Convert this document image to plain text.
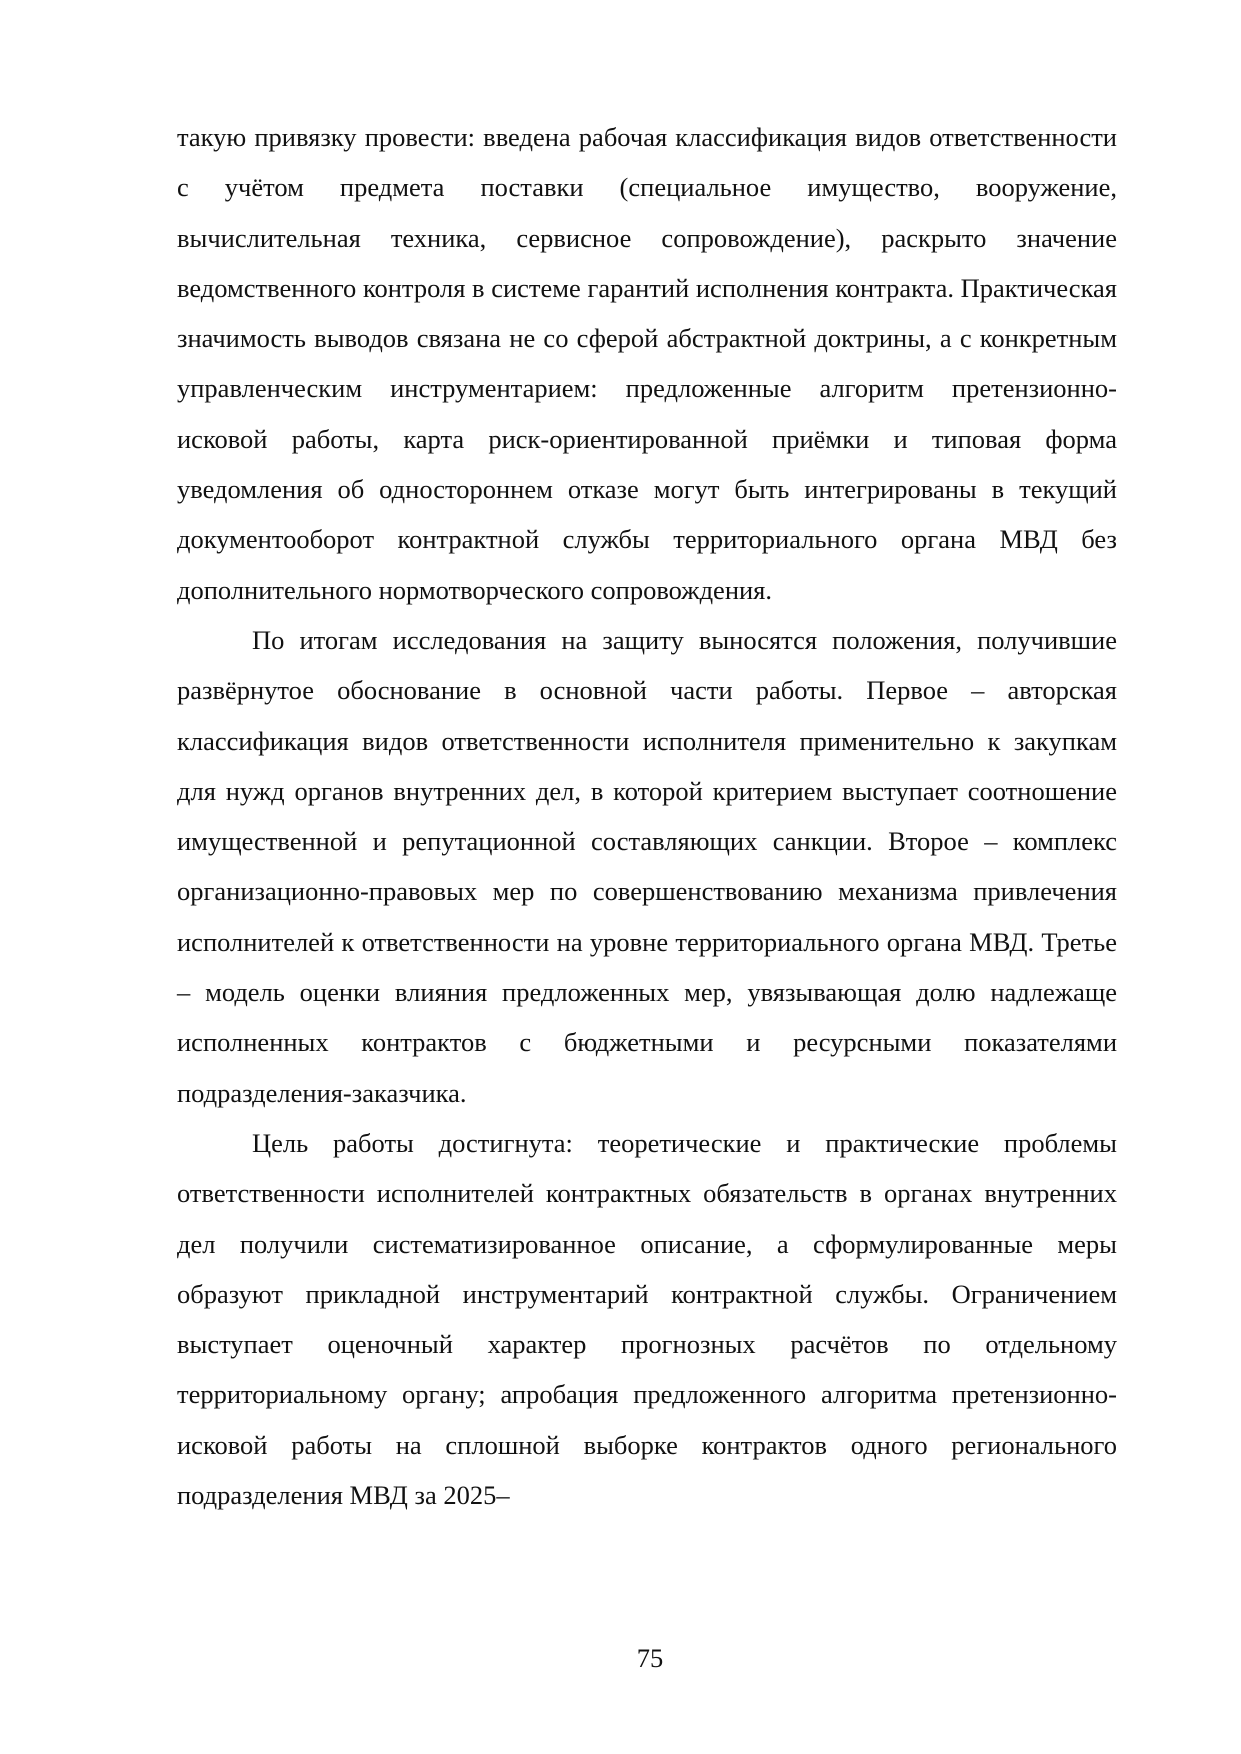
такую привязку провести: введена рабочая классификация видов ответственности с учётом предмета поставки (специальное имущество, вооружение, вычислительная техника, сервисное сопровождение), раскрыто значение ведомственного контроля в системе гарантий исполнения контракта. Практическая значимость выводов связана не со сферой абстрактной доктрины, а с конкретным управленческим инструментарием: предложенные алгоритм претензионно-исковой работы, карта риск-ориентированной приёмки и типовая форма уведомления об одностороннем отказе могут быть интегрированы в текущий документооборот контрактной службы территориального органа МВД без дополнительного нормотворческого сопровождения.

По итогам исследования на защиту выносятся положения, получившие развёрнутое обоснование в основной части работы. Первое – авторская классификация видов ответственности исполнителя применительно к закупкам для нужд органов внутренних дел, в которой критерием выступает соотношение имущественной и репутационной составляющих санкции. Второе – комплекс организационно-правовых мер по совершенствованию механизма привлечения исполнителей к ответственности на уровне территориального органа МВД. Третье – модель оценки влияния предложенных мер, увязывающая долю надлежаще исполненных контрактов с бюджетными и ресурсными показателями подразделения-заказчика.

Цель работы достигнута: теоретические и практические проблемы ответственности исполнителей контрактных обязательств в органах внутренних дел получили систематизированное описание, а сформулированные меры образуют прикладной инструментарий контрактной службы. Ограничением выступает оценочный характер прогнозных расчётов по отдельному территориальному органу; апробация предложенного алгоритма претензионно-исковой работы на сплошной выборке контрактов одного регионального подразделения МВД за 2025–

75
